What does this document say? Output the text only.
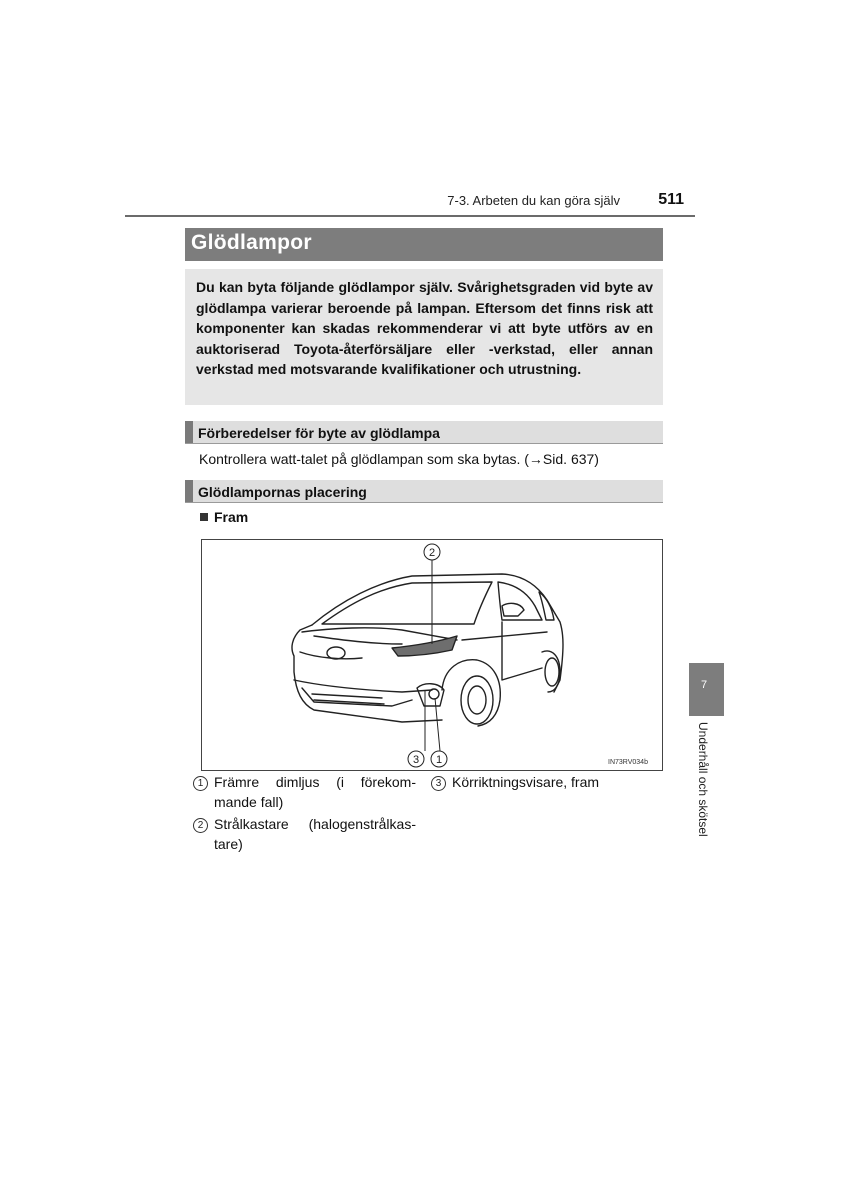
7-3. Arbeten du kan göra själv	511
Glödlampor
Du kan byta följande glödlampor själv. Svårighetsgraden vid byte av glödlampa varierar beroende på lampan. Eftersom det finns risk att komponenter kan skadas rekommenderar vi att byte utförs av en auktoriserad Toyota-återförsäljare eller -verkstad, eller annan verkstad med motsvarande kvalifikationer och utrustning.
Förberedelser för byte av glödlampa
Kontrollera watt-talet på glödlampan som ska bytas. (→Sid. 637)
Glödlampornas placering
Fram
2
3 1	IN73RV034b
1 Främre dimljus (i förekom-
mande fall)
2 Strålkastare (halogenstrålkas-
tare)
3 Körriktningsvisare, fram
7
Underhåll och skötsel
